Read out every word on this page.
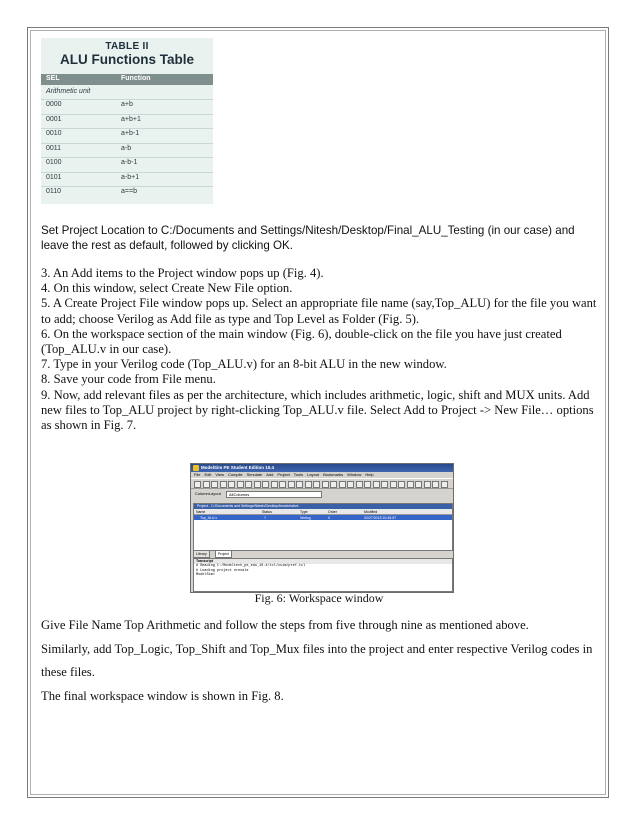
TABLE II
ALU Functions Table
SEL	Function
Arithmetic unit
0000	a+b
0001	a+b+1
0010	a+b-1
0011	a-b
0100	a-b-1
0101	a-b+1
0110	a==b
Set Project Location to C:/Documents and Settings/Nitesh/Desktop/Final_ALU_Testing (in our case) and leave the rest as default, followed by clicking OK.
3. An Add items to the Project window pops up (Fig. 4).
4. On this window, select Create New File option.
5. A Create Project File window pops up. Select an appropriate file name (say,Top_ALU) for the file you want to add; choose Verilog as Add file as type and Top Level as Folder (Fig. 5).
6. On the workspace section of the main window (Fig. 6), double-click on the file you have just created (Top_ALU.v in our case).
7. Type in your Verilog code (Top_ALU.v) for an 8-bit ALU in the new window.
8. Save your code from File menu.
9. Now, add relevant files as per the architecture, which includes arithmetic, logic, shift and MUX units. Add new files to Top_ALU project by right-clicking Top_ALU.v file. Select Add to Project -> New File… options as shown in Fig. 7.
ModelSim PE Student Edition 10.4
File Edit View Compile Simulate Add Project Tools Layout Bookmarks Window Help
ColumnLayout	AllColumns
Project - C:/Documents and Settings/Nitesh/Desktop/teradrelative
Name	Status	Type	Order	Modified
Top_ALU.v	?	Verilog	0	02/27/2015 10:45:57
Library	Project
Transcript
# Reading C:/Modeltech_pe_edu_10.4/tcl/vsim/pref.tcl
# Loading project nrevale
ModelSim>
Fig. 6: Workspace window
Give File Name Top Arithmetic and follow the steps from five through nine as mentioned above.
Similarly, add Top_Logic, Top_Shift and Top_Mux files into the project and enter respective Verilog codes in these files.
The final workspace window is shown in Fig. 8.
